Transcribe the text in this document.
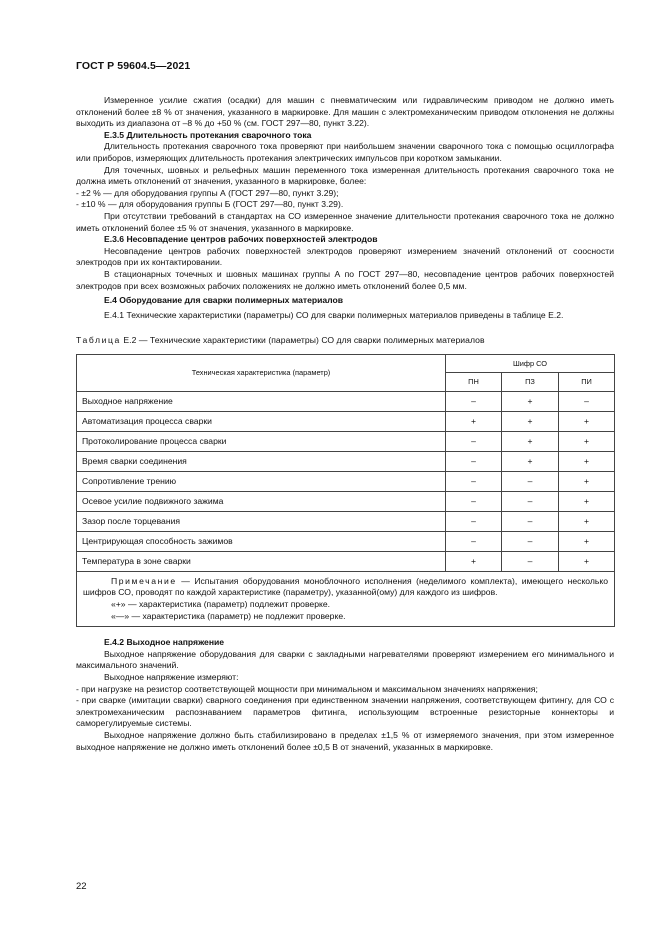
ГОСТ Р 59604.5—2021

Измеренное усилие сжатия (осадки) для машин с пневматическим или гидравлическим приводом не должно иметь отклонений более ±8 % от значения, указанного в маркировке. Для машин с электромеханическим приводом отклонения не должны выходить из диапазона от –8 % до +50 % (см. ГОСТ 297—80, пункт 3.22).

Е.3.5 Длительность протекания сварочного тока

Длительность протекания сварочного тока проверяют при наибольшем значении сварочного тока с помощью осциллографа или приборов, измеряющих длительность протекания электрических импульсов при коротком замыкании.

Для точечных, шовных и рельефных машин переменного тока измеренная длительность протекания сварочного тока не должна иметь отклонений от значения, указанного в маркировке, более:

- ±2 % — для оборудования группы А (ГОСТ 297—80, пункт 3.29);

- ±10 % — для оборудования группы Б (ГОСТ 297—80, пункт 3.29).

При отсутствии требований в стандартах на СО измеренное значение длительности протекания сварочного тока не должно иметь отклонений более ±5 % от значения, указанного в маркировке.

Е.3.6 Несовпадение центров рабочих поверхностей электродов

Несовпадение центров рабочих поверхностей электродов проверяют измерением значений отклонений от соосности электродов при их контактировании.

В стационарных точечных и шовных машинах группы А по ГОСТ 297—80, несовпадение центров рабочих поверхностей электродов при всех возможных рабочих положениях не должно иметь отклонений более 0,5 мм.

Е.4 Оборудование для сварки полимерных материалов

Е.4.1 Технические характеристики (параметры) СО для сварки полимерных материалов приведены в таблице Е.2.

Таблица Е.2 — Технические характеристики (параметры) СО для сварки полимерных материалов

Техническая характеристика (параметр)	Шифр СО		
	ПН	ПЗ	ПИ
Выходное напряжение	–	+	–
Автоматизация процесса сварки	+	+	+
Протоколирование процесса сварки	–	+	+
Время сварки соединения	–	+	+
Сопротивление трению	–	–	+
Осевое усилие подвижного зажима	–	–	+
Зазор после торцевания	–	–	+
Центрирующая способность зажимов	–	–	+
Температура в зоне сварки	+	–	+

Примечание — Испытания оборудования моноблочного исполнения (неделимого комплекта), имеющего несколько шифров СО, проводят по каждой характеристике (параметру), указанной(ому) для каждого из шифров.

«+» — характеристика (параметр) подлежит проверке.

«—» — характеристика (параметр) не подлежит проверке.			

Е.4.2 Выходное напряжение

Выходное напряжение оборудования для сварки с закладными нагревателями проверяют измерением его минимального и максимального значений.

Выходное напряжение измеряют:

- при нагрузке на резистор соответствующей мощности при минимальном и максимальном значениях напряжения;

- при сварке (имитации сварки) сварного соединения при единственном значении напряжения, соответствующем фитингу, для СО с электромеханическим распознаванием параметров фитинга, использующим встроенные резисторные коннекторы и саморегулируемые системы.

Выходное напряжение должно быть стабилизировано в пределах ±1,5 % от измеряемого значения, при этом измеренное выходное напряжение не должно иметь отклонений более ±0,5 В от значений, указанных в маркировке.

22
